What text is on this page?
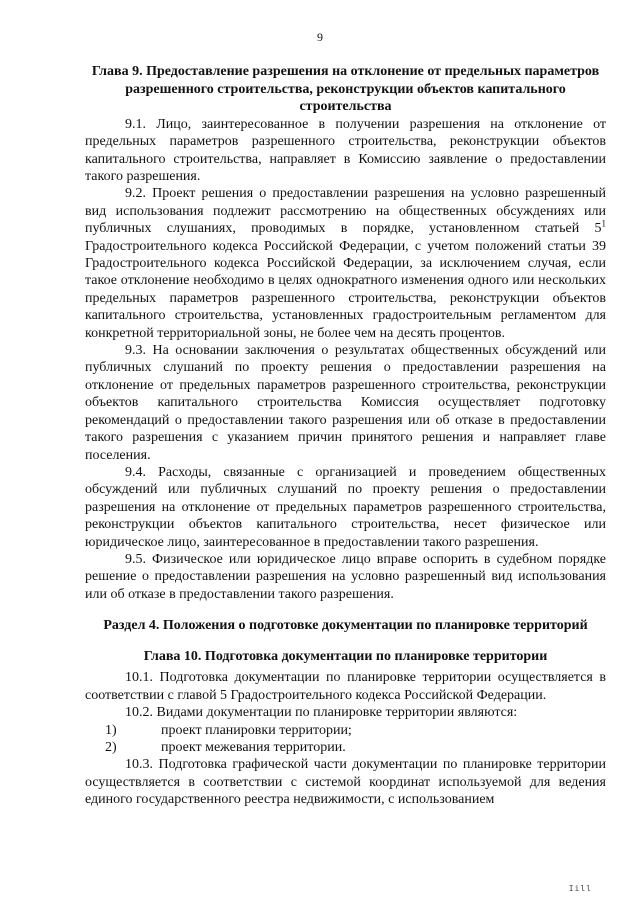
9
Глава 9. Предоставление разрешения на отклонение от предельных параметров разрешенного строительства, реконструкции объектов капитального строительства

9.1. Лицо, заинтересованное в получении разрешения на отклонение от предельных параметров разрешенного строительства, реконструкции объектов капитального строительства, направляет в Комиссию заявление о предоставлении такого разрешения.

9.2. Проект решения о предоставлении разрешения на условно разрешенный вид использования подлежит рассмотрению на общественных обсуждениях или публичных слушаниях, проводимых в порядке, установленном статьей $5^1$ Градостроительного кодекса Российской Федерации, с учетом положений статьи 39 Градостроительного кодекса Российской Федерации, за исключением случая, если такое отклонение необходимо в целях однократного изменения одного или нескольких предельных параметров разрешенного строительства, реконструкции объектов капитального строительства, установленных градостроительным регламентом для конкретной территориальной зоны, не более чем на десять процентов.

9.3. На основании заключения о результатах общественных обсуждений или публичных слушаний по проекту решения о предоставлении разрешения на отклонение от предельных параметров разрешенного строительства, реконструкции объектов капитального строительства Комиссия осуществляет подготовку рекомендаций о предоставлении такого разрешения или об отказе в предоставлении такого разрешения с указанием причин принятого решения и направляет главе поселения.

9.4. Расходы, связанные с организацией и проведением общественных обсуждений или публичных слушаний по проекту решения о предоставлении разрешения на отклонение от предельных параметров разрешенного строительства, реконструкции объектов капитального строительства, несет физическое или юридическое лицо, заинтересованное в предоставлении такого разрешения.

9.5. Физическое или юридическое лицо вправе оспорить в судебном порядке решение о предоставлении разрешения на условно разрешенный вид использования или об отказе в предоставлении такого разрешения.

Раздел 4. Положения о подготовке документации по планировке территорий
Глава 10. Подготовка документации по планировке территории

10.1. Подготовка документации по планировке территории осуществляется в соответствии с главой 5 Градостроительного кодекса Российской Федерации.

10.2. Видами документации по планировке территории являются:

1)	проект планировки территории;
2)	проект межевания территории.

10.3. Подготовка графической части документации по планировке территории осуществляется в соответствии с системой координат используемой для ведения единого государственного реестра недвижимости, с использованием

Iill
